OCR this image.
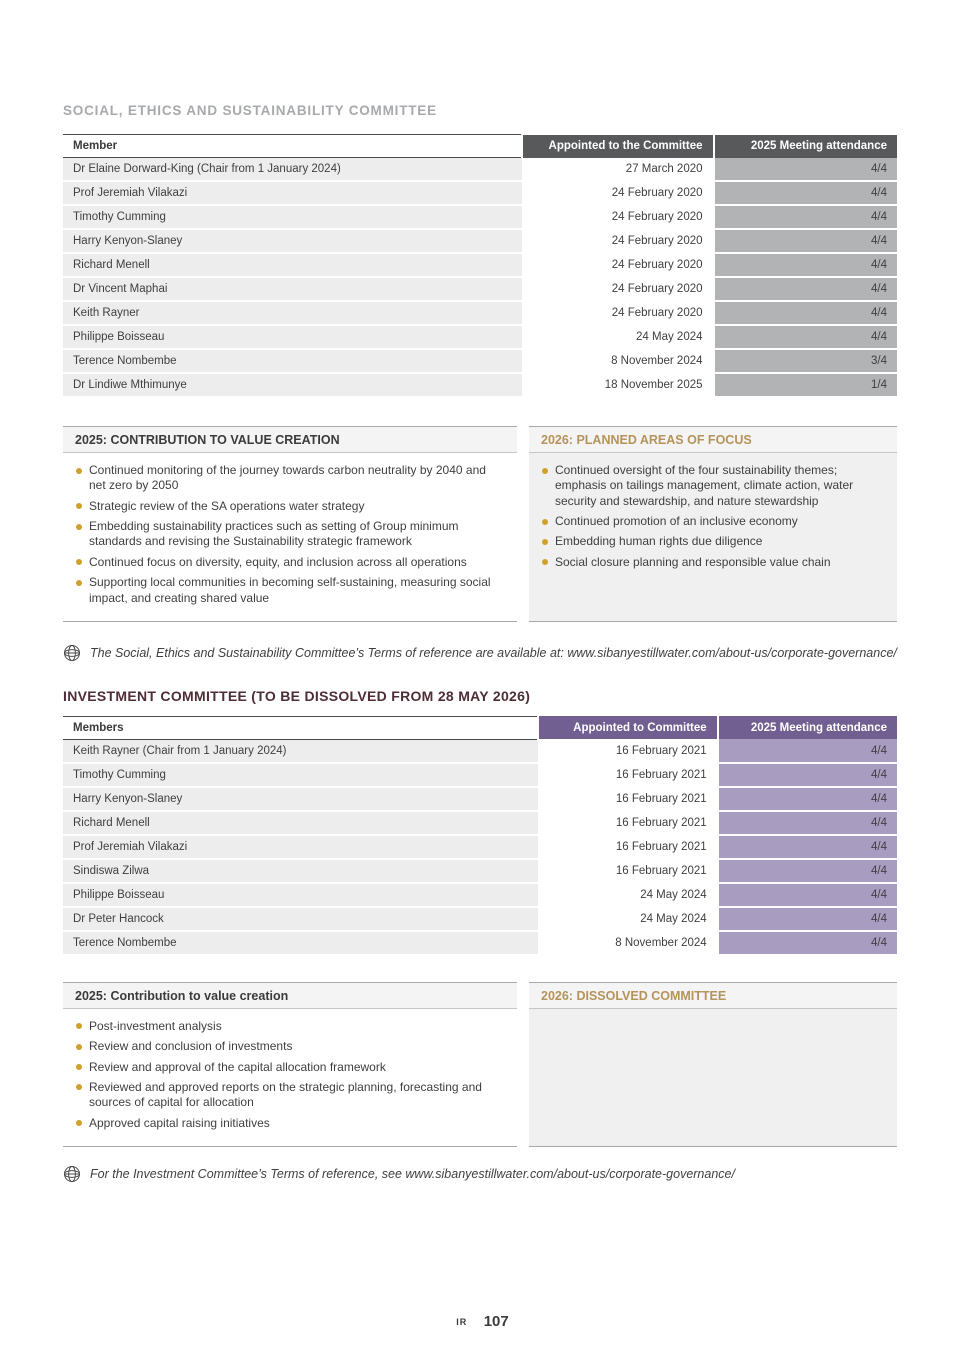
SOCIAL, ETHICS AND SUSTAINABILITY COMMITTEE
Member	Appointed to the Committee	2025 Meeting attendance
Dr Elaine Dorward-King (Chair from 1 January 2024)	27 March 2020	4/4
Prof Jeremiah Vilakazi	24 February 2020	4/4
Timothy Cumming	24 February 2020	4/4
Harry Kenyon-Slaney	24 February 2020	4/4
Richard Menell	24 February 2020	4/4
Dr Vincent Maphai	24 February 2020	4/4
Keith Rayner	24 February 2020	4/4
Philippe Boisseau	24 May 2024	4/4
Terence Nombembe	8 November 2024	3/4
Dr Lindiwe Mthimunye	18 November 2025	1/4
2025: CONTRIBUTION TO VALUE CREATION
Continued monitoring of the journey towards carbon neutrality by 2040 and net zero by 2050
Strategic review of the SA operations water strategy
Embedding sustainability practices such as setting of Group minimum standards and revising the Sustainability strategic framework
Continued focus on diversity, equity, and inclusion across all operations
Supporting local communities in becoming self-sustaining, measuring social impact, and creating shared value
2026: PLANNED AREAS OF FOCUS
Continued oversight of the four sustainability themes; emphasis on tailings management, climate action, water security and stewardship, and nature stewardship
Continued promotion of an inclusive economy
Embedding human rights due diligence
Social closure planning and responsible value chain
The Social, Ethics and Sustainability Committee’s Terms of reference are available at: www.sibanyestillwater.com/about-us/corporate-governance/
INVESTMENT COMMITTEE (TO BE DISSOLVED FROM 28 MAY 2026)
Members	Appointed to Committee	2025 Meeting attendance
Keith Rayner (Chair from 1 January 2024)	16 February 2021	4/4
Timothy Cumming	16 February 2021	4/4
Harry Kenyon-Slaney	16 February 2021	4/4
Richard Menell	16 February 2021	4/4
Prof Jeremiah Vilakazi	16 February 2021	4/4
Sindiswa Zilwa	16 February 2021	4/4
Philippe Boisseau	24 May 2024	4/4
Dr Peter Hancock	24 May 2024	4/4
Terence Nombembe	8 November 2024	4/4
2025: Contribution to value creation
Post-investment analysis
Review and conclusion of investments
Review and approval of the capital allocation framework
Reviewed and approved reports on the strategic planning, forecasting and sources of capital for allocation
Approved capital raising initiatives
2026: DISSOLVED COMMITTEE
For the Investment Committee’s Terms of reference, see www.sibanyestillwater.com/about-us/corporate-governance/
IR 107
